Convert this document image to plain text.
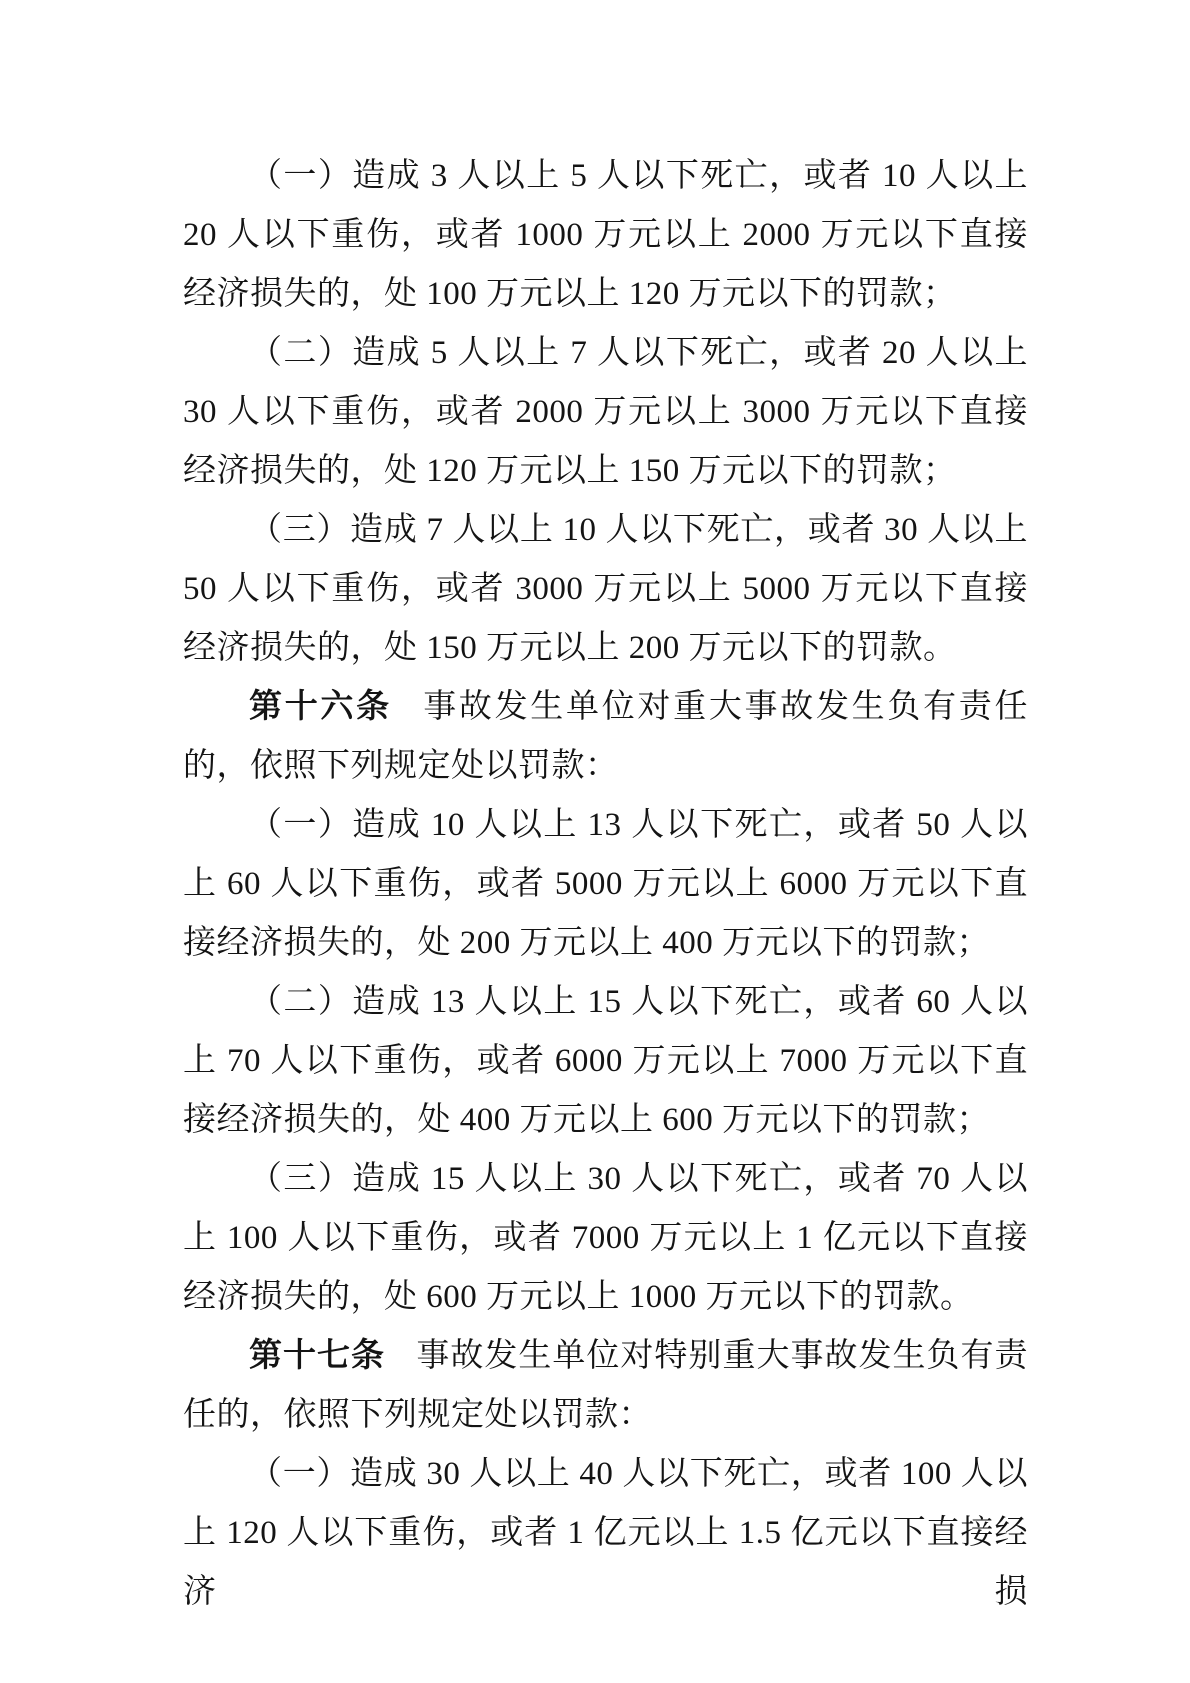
（一）造成 3 人以上 5 人以下死亡，或者 10 人以上 20 人以下重伤，或者 1000 万元以上 2000 万元以下直接经济损失的，处 100 万元以上 120 万元以下的罚款；

（二）造成 5 人以上 7 人以下死亡，或者 20 人以上 30 人以下重伤，或者 2000 万元以上 3000 万元以下直接经济损失的，处 120 万元以上 150 万元以下的罚款；

（三）造成 7 人以上 10 人以下死亡，或者 30 人以上 50 人以下重伤，或者 3000 万元以上 5000 万元以下直接经济损失的，处 150 万元以上 200 万元以下的罚款。

第十六条 事故发生单位对重大事故发生负有责任的，依照下列规定处以罚款：

（一）造成 10 人以上 13 人以下死亡，或者 50 人以上 60 人以下重伤，或者 5000 万元以上 6000 万元以下直接经济损失的，处 200 万元以上 400 万元以下的罚款；

（二）造成 13 人以上 15 人以下死亡，或者 60 人以上 70 人以下重伤，或者 6000 万元以上 7000 万元以下直接经济损失的，处 400 万元以上 600 万元以下的罚款；

（三）造成 15 人以上 30 人以下死亡，或者 70 人以上 100 人以下重伤，或者 7000 万元以上 1 亿元以下直接经济损失的，处 600 万元以上 1000 万元以下的罚款。

第十七条 事故发生单位对特别重大事故发生负有责任的，依照下列规定处以罚款：

（一）造成 30 人以上 40 人以下死亡，或者 100 人以上 120 人以下重伤，或者 1 亿元以上 1.5 亿元以下直接经济损
